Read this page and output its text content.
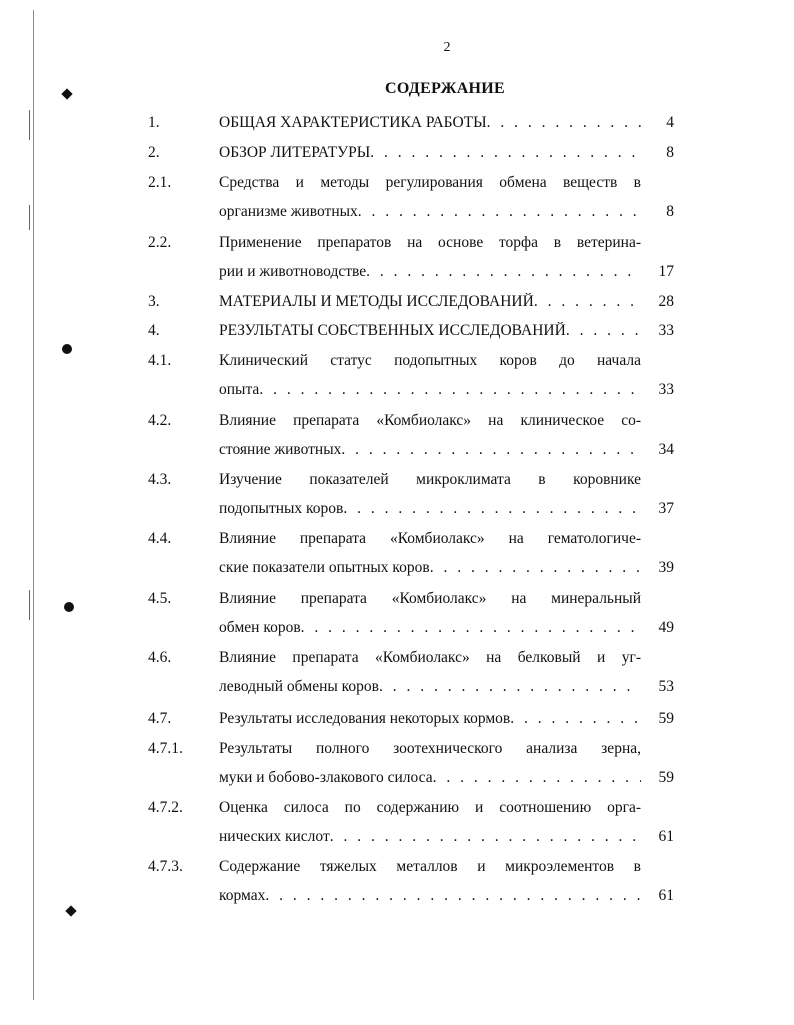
2
СОДЕРЖАНИЕ
1.	ОБЩАЯ ХАРАКТЕРИСТИКА РАБОТЫ . . .	4
2.	ОБЗОР ЛИТЕРАТУРЫ . . .	8
2.1.	Средства и методы регулирования обмена веществ в
организме животных . . .	8
2.2.	Применение препаратов на основе торфа в ветерина-
рии и животноводстве . . .	17
3.	МАТЕРИАЛЫ И МЕТОДЫ ИССЛЕДОВАНИЙ . . .	28
4.	РЕЗУЛЬТАТЫ СОБСТВЕННЫХ ИССЛЕДОВАНИЙ . . .	33
4.1.	Клинический статус подопытных коров до начала
опыта . . .	33
4.2.	Влияние препарата «Комбиолакс» на клиническое со-
стояние животных . . .	34
4.3.	Изучение показателей микроклимата в коровнике
подопытных коров . . .	37
4.4.	Влияние препарата «Комбиолакс» на гематологиче-
ские показатели опытных коров . . .	39
4.5.	Влияние препарата «Комбиолакс» на минеральный
обмен коров . . .	49
4.6.	Влияние препарата «Комбиолакс» на белковый и уг-
леводный обмены коров . . .	53
4.7.	Результаты исследования некоторых кормов . . .	59
4.7.1. Результаты полного зоотехнического анализа зерна,
муки и бобово-злакового силоса . . .	59
4.7.2. Оценка силоса по содержанию и соотношению орга-
нических кислот . . .	61
4.7.3. Содержание тяжелых металлов и микроэлементов в
кормах . . .	61
